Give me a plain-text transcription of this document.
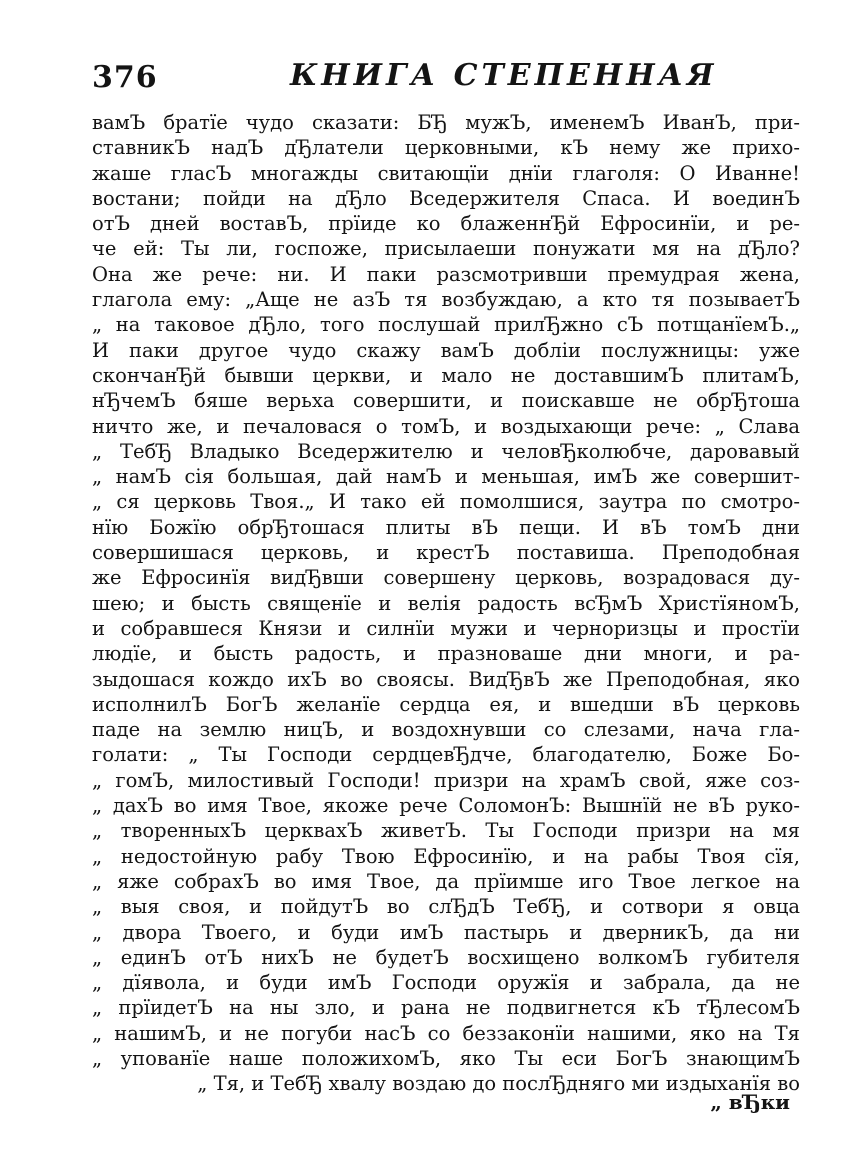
376	КНИГА СТЕПЕННАЯ
вамЪ братїе чудо сказати: БЂ мужЪ, именемЪ ИванЪ, при-
ставникЪ надЪ дЂлатели церковными, кЪ нему же прихо-
жаше гласЪ многажды свитающїи днїи глаголя: О Иванне!
востани; пойди на дЂло Вседержителя Спаса. И воединЪ
отЪ дней воставЪ, прїиде ко блаженнЂй Ефросинїи, и ре-
че ей: Ты ли, госпоже, присылаеши понужати мя на дЂло?
Она же рече: ни. И паки разсмотривши премудрая жена,
глагола ему: „Аще не азЪ тя возбуждаю, а кто тя позываетЪ
„ на таковое дЂло, того послушай прилЂжно сЪ потщанїемЪ.„
И паки другое чудо скажу вамЪ добліи послужницы: уже
скончанЂй бывши церкви, и мало не доставшимЪ плитамЪ,
нЂчемЪ бяше верьха совершити, и поискавше не обрЂтоша
ничто же, и печаловася о томЪ, и воздыхающи рече: „ Слава
„ ТебЂ Владыко Вседержителю и человЂколюбче, даровавый
„ намЪ сія большая, дай намЪ и меньшая, имЪ же совершит-
„ ся церковь Твоя.„ И тако ей помолшися, заутра по смотро-
нїю Божїю обрЂтошася плиты вЪ пещи. И вЪ томЪ дни
совершишася церковь, и крестЪ поставиша. Преподобная
же Ефросинїя видЂвши совершену церковь, возрадовася ду-
шею; и бысть священїе и велія радость всЂмЪ ХристїяномЪ,
и собравшеся Князи и силнїи мужи и черноризцы и простїи
людїе, и бысть радость, и празноваше дни многи, и ра-
зыдошася кождо ихЪ во своясы. ВидЂвЪ же Преподобная, яко
исполнилЪ БогЪ желанїе сердца ея, и вшедши вЪ церковь
паде на землю ницЪ, и воздохнувши со слезами, нача гла-
голати: „ Ты Господи сердцевЂдче, благодателю, Боже Бо-
„ гомЪ, милостивый Господи! призри на храмЪ свой, яже соз-
„ дахЪ во имя Твое, якоже рече СоломонЪ: Вышнїй не вЪ руко-
„ творенныхЪ церквахЪ живетЪ. Ты Господи призри на мя
„ недостойную рабу Твою Ефросинїю, и на рабы Твоя сїя,
„ яже собрахЪ во имя Твое, да прїимше иго Твое легкое на
„ выя своя, и пойдутЪ во слЂдЪ ТебЂ, и сотвори я овца
„ двора Твоего, и буди имЪ пастырь и дверникЪ, да ни
„ единЪ отЪ нихЪ не будетЪ восхищено волкомЪ губителя
„ дїявола, и буди имЪ Господи оружїя и забрала, да не
„ прїидетЪ на ны зло, и рана не подвигнется кЪ тЂлесомЪ
„ нашимЪ, и не погуби насЪ со беззаконїи нашими, яко на Тя
„ упованїе наше положихомЪ, яко Ты еси БогЪ знающимЪ
„ Тя, и ТебЂ хвалу воздаю до послЂдняго ми издыханїя во
„ вЂки
